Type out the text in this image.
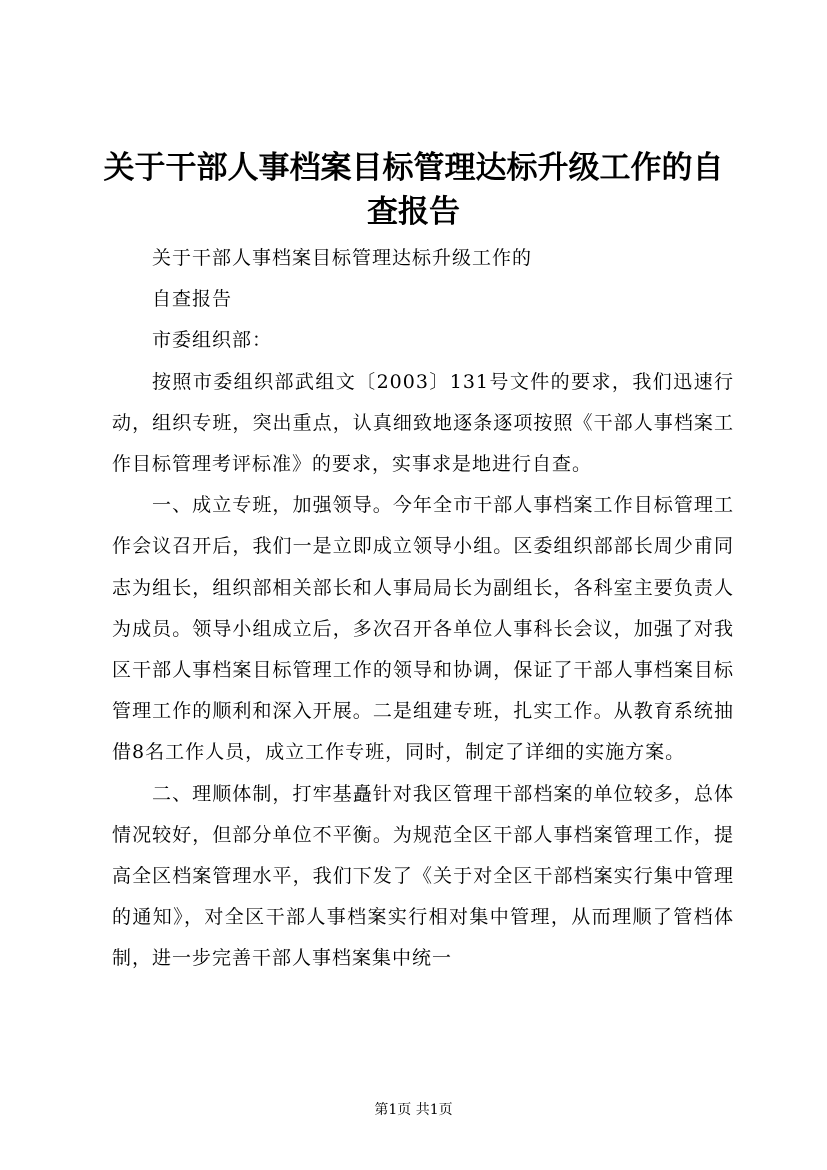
关于干部人事档案目标管理达标升级工作的自查报告

关于干部人事档案目标管理达标升级工作的

自查报告

市委组织部：

按照市委组织部武组文〔2003〕131号文件的要求，我们迅速行动，组织专班，突出重点，认真细致地逐条逐项按照《干部人事档案工作目标管理考评标准》的要求，实事求是地进行自查。

一、成立专班，加强领导。今年全市干部人事档案工作目标管理工作会议召开后，我们一是立即成立领导小组。区委组织部部长周少甫同志为组长，组织部相关部长和人事局局长为副组长，各科室主要负责人为成员。领导小组成立后，多次召开各单位人事科长会议，加强了对我区干部人事档案目标管理工作的领导和协调，保证了干部人事档案目标管理工作的顺利和深入开展。二是组建专班，扎实工作。从教育系统抽借8名工作人员，成立工作专班，同时，制定了详细的实施方案。

二、理顺体制，打牢基矗针对我区管理干部档案的单位较多，总体情况较好，但部分单位不平衡。为规范全区干部人事档案管理工作，提高全区档案管理水平，我们下发了《关于对全区干部档案实行集中管理的通知》，对全区干部人事档案实行相对集中管理，从而理顺了管档体制，进一步完善干部人事档案集中统一

第1页 共1页
